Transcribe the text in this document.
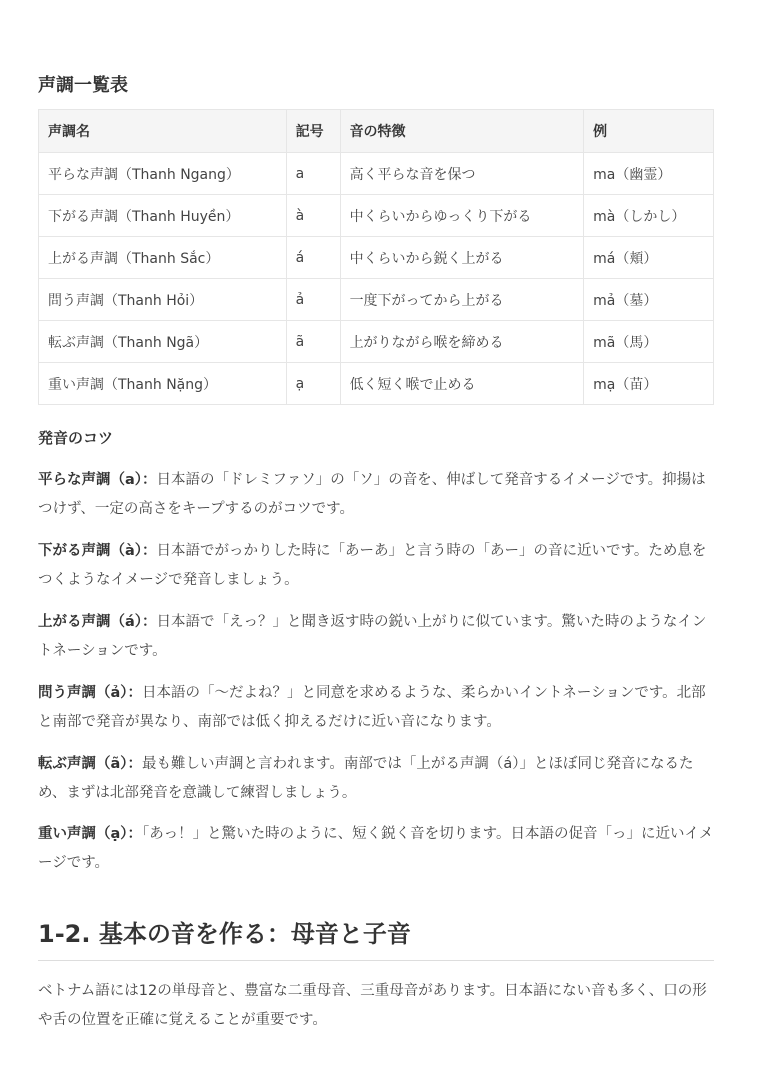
声調一覧表
声調名	記号	音の特徴	例
平らな声調（Thanh Ngang）	a	高く平らな音を保つ	ma（幽霊）
下がる声調（Thanh Huyền）	à	中くらいからゆっくり下がる	mà（しかし）
上がる声調（Thanh Sắc）	á	中くらいから鋭く上がる	má（頬）
問う声調（Thanh Hỏi）	ả	一度下がってから上がる	mả（墓）
転ぶ声調（Thanh Ngã）	ã	上がりながら喉を締める	mã（馬）
重い声調（Thanh Nặng）	ạ	低く短く喉で止める	mạ（苗）
発音のコツ

平らな声調（a）：日本語の「ドレミファソ」の「ソ」の音を、伸ばして発音するイメージです。抑揚はつけず、一定の高さをキープするのがコツです。

下がる声調（à）：日本語でがっかりした時に「あーあ」と言う時の「あー」の音に近いです。ため息をつくようなイメージで発音しましょう。

上がる声調（á）：日本語で「えっ？」と聞き返す時の鋭い上がりに似ています。驚いた時のようなイントネーションです。

問う声調（ả）：日本語の「〜だよね？」と同意を求めるような、柔らかいイントネーションです。北部と南部で発音が異なり、南部では低く抑えるだけに近い音になります。

転ぶ声調（ã）：最も難しい声調と言われます。南部では「上がる声調（á）」とほぼ同じ発音になるため、まずは北部発音を意識して練習しましょう。

重い声調（ạ）：「あっ！」と驚いた時のように、短く鋭く音を切ります。日本語の促音「っ」に近いイメージです。

1-2. 基本の音を作る：母音と子音

ベトナム語には12の単母音と、豊富な二重母音、三重母音があります。日本語にない音も多く、口の形や舌の位置を正確に覚えることが重要です。
